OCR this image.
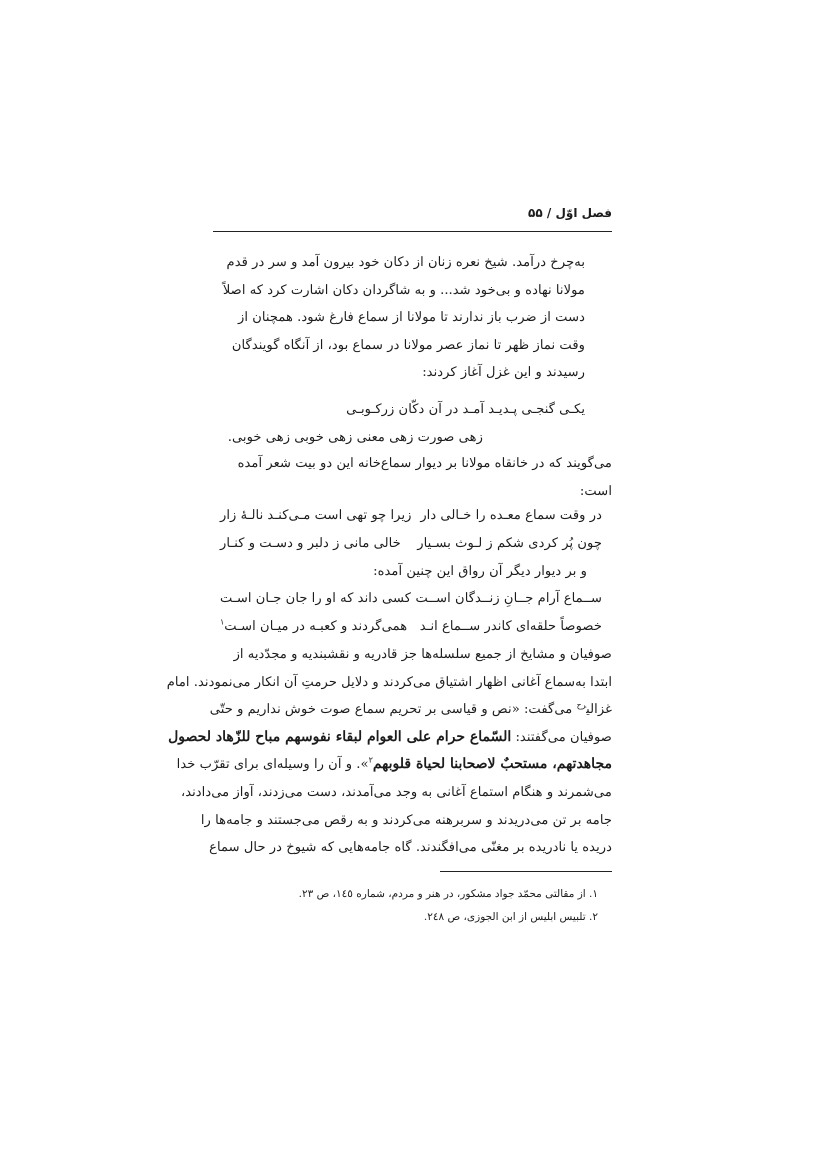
فصل اوّل / ۵۵

به‌چرخ درآمد. شیخ نعره زنان از دکان خود بیرون آمد و سر در قدم

مولانا نهاده و بی‌خود شد... و به شاگردان دکان اشارت کرد که اصلاً

دست از ضرب باز ندارند تا مولانا از سماع فارغ شود. همچنان از

وقت نماز ظهر تا نماز عصر مولانا در سماع بود، از آنگاه گویندگان

رسیدند و این غزل آغاز کردند:

یکـی گنجـی پـدیـد آمـد در آن دکّان زرکـوبـی
زهی صورت زهی معنی زهی خوبی زهی خوبی.

می‌گویند که در خانقاه مولانا بر دیوار سماع‌خانه این دو بیت شعر آمده

است:

در وقت سماع معـده را خـالی دار
زیرا چو تهی است مـی‌کنـد نالـهٔ زار
چون پُر کردی شکم ز لـوث بسـیار
خالی مانی ز دلبر و دسـت و کنـار
و بر دیوار دیگر آن رواق این چنین آمده:
ســماع آرام جــانِ زنــدگان اســت
کسی داند که او را جان جـان اسـت
خصوصاً حلقه‌ای کاندر ســماع انـد
همی‌گردند و کعبـه در میـان اسـت$^۱$

صوفیان و مشایخ از جمیع سلسله‌ها جز قادریه و نقشبندیه و مجدّدیه از

ابتدا به‌سماع آغانی اظهار اشتیاق می‌کردند و دلایل حرمتِ آن انکار می‌نمودند. امام

غزالی$^{رح}$ می‌گفت: «نص و قیاسی بر تحریم سماع صوت خوش نداریم و حتّی

صوفیان می‌گفتند: السّماع حرام علی العوام لبقاء نفوسهم مباح للزّهاد لحصول

مجاهدتهم، مستحبٌ لاصحابنا لحیاة قلوبهم$^۲$». و آن را وسیله‌ای برای تقرّب خدا

می‌شمرند و هنگام استماع آغانی به وجد می‌آمدند، دست می‌زدند، آواز می‌دادند،

جامه بر تن می‌دریدند و سربرهنه می‌کردند و به رقص می‌جستند و جامه‌ها را

دریده یا نادریده بر مغنّی می‌افگندند. گاه جامه‌هایی که شیوخ در حال سماع

۱. از مقالتی محمّد جواد مشکور، در هنر و مردم، شماره ۱٤٥، ص ۲۳.

۲. تلبیس ابلیس از ابن الجوزی، ص ۲٤۸.
